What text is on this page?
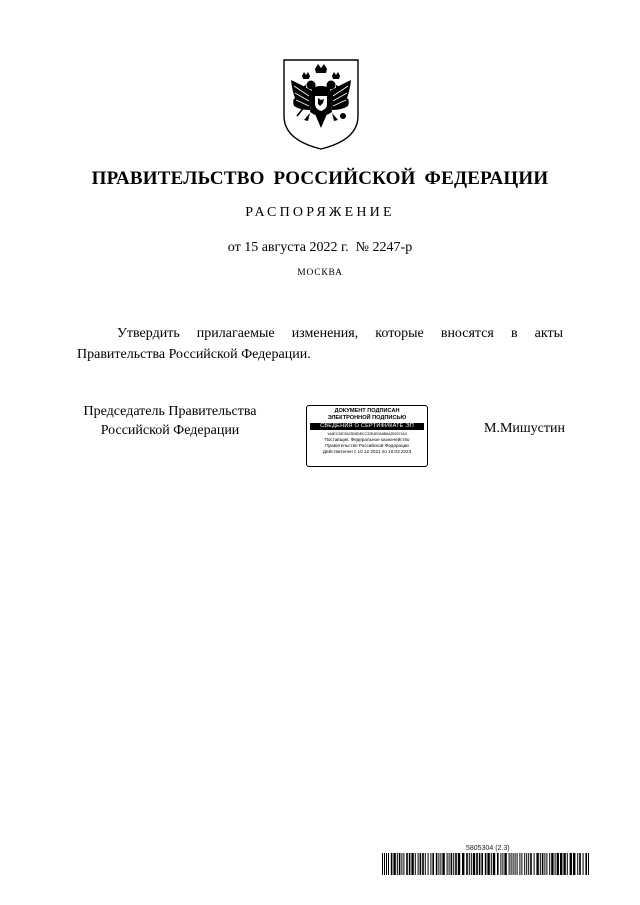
ПРАВИТЕЛЬСТВО РОССИЙСКОЙ ФЕДЕРАЦИИ
РАСПОРЯЖЕНИЕ
от 15 августа 2022 г. № 2247-р
МОСКВА
Утвердить прилагаемые изменения, которые вносятся в акты Правительства Российской Федерации.
Председатель Правительства
Российской Федерации
ДОКУМЕНТ ПОДПИСАН
ЭЛЕКТРОННОЙ ПОДПИСЬЮ
СВЕДЕНИЯ О СЕРТИФИКАТЕ ЭП
1A6EC26D5425D8DBCC32E4E9A8B8A2B2974A3
Поставщик: Федеральное казначейство
Правительство Российской Федерации
Действителен с 10.12.2021 по 10.03.2023
М.Мишустин
5805304 (2.3)
